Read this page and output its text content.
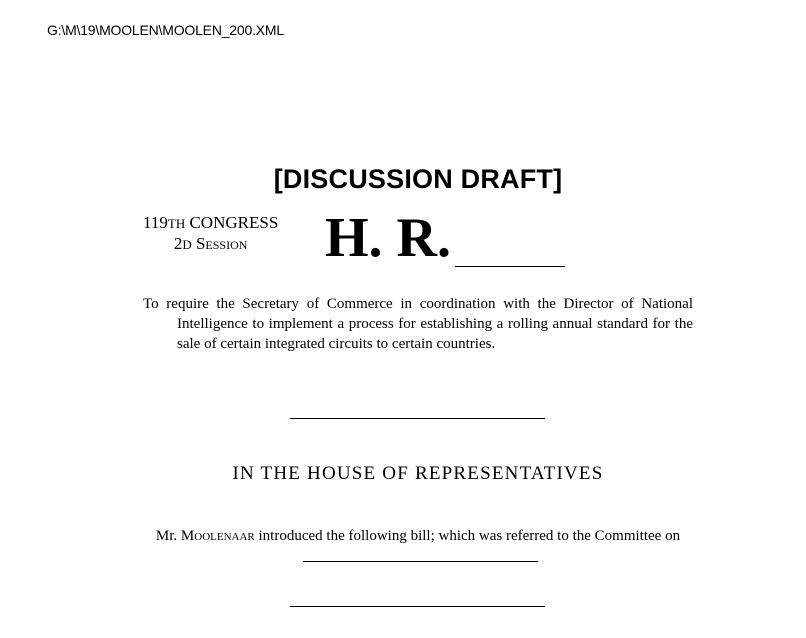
G:\M\19\MOOLEN\MOOLEN_200.XML
[DISCUSSION DRAFT]
119TH CONGRESS
2D Session	H. R.
To require the Secretary of Commerce in coordination with the Director of National Intelligence to implement a process for establishing a rolling annual standard for the sale of certain integrated circuits to certain countries.
IN THE HOUSE OF REPRESENTATIVES
Mr. Moolenaar introduced the following bill; which was referred to the Committee on
